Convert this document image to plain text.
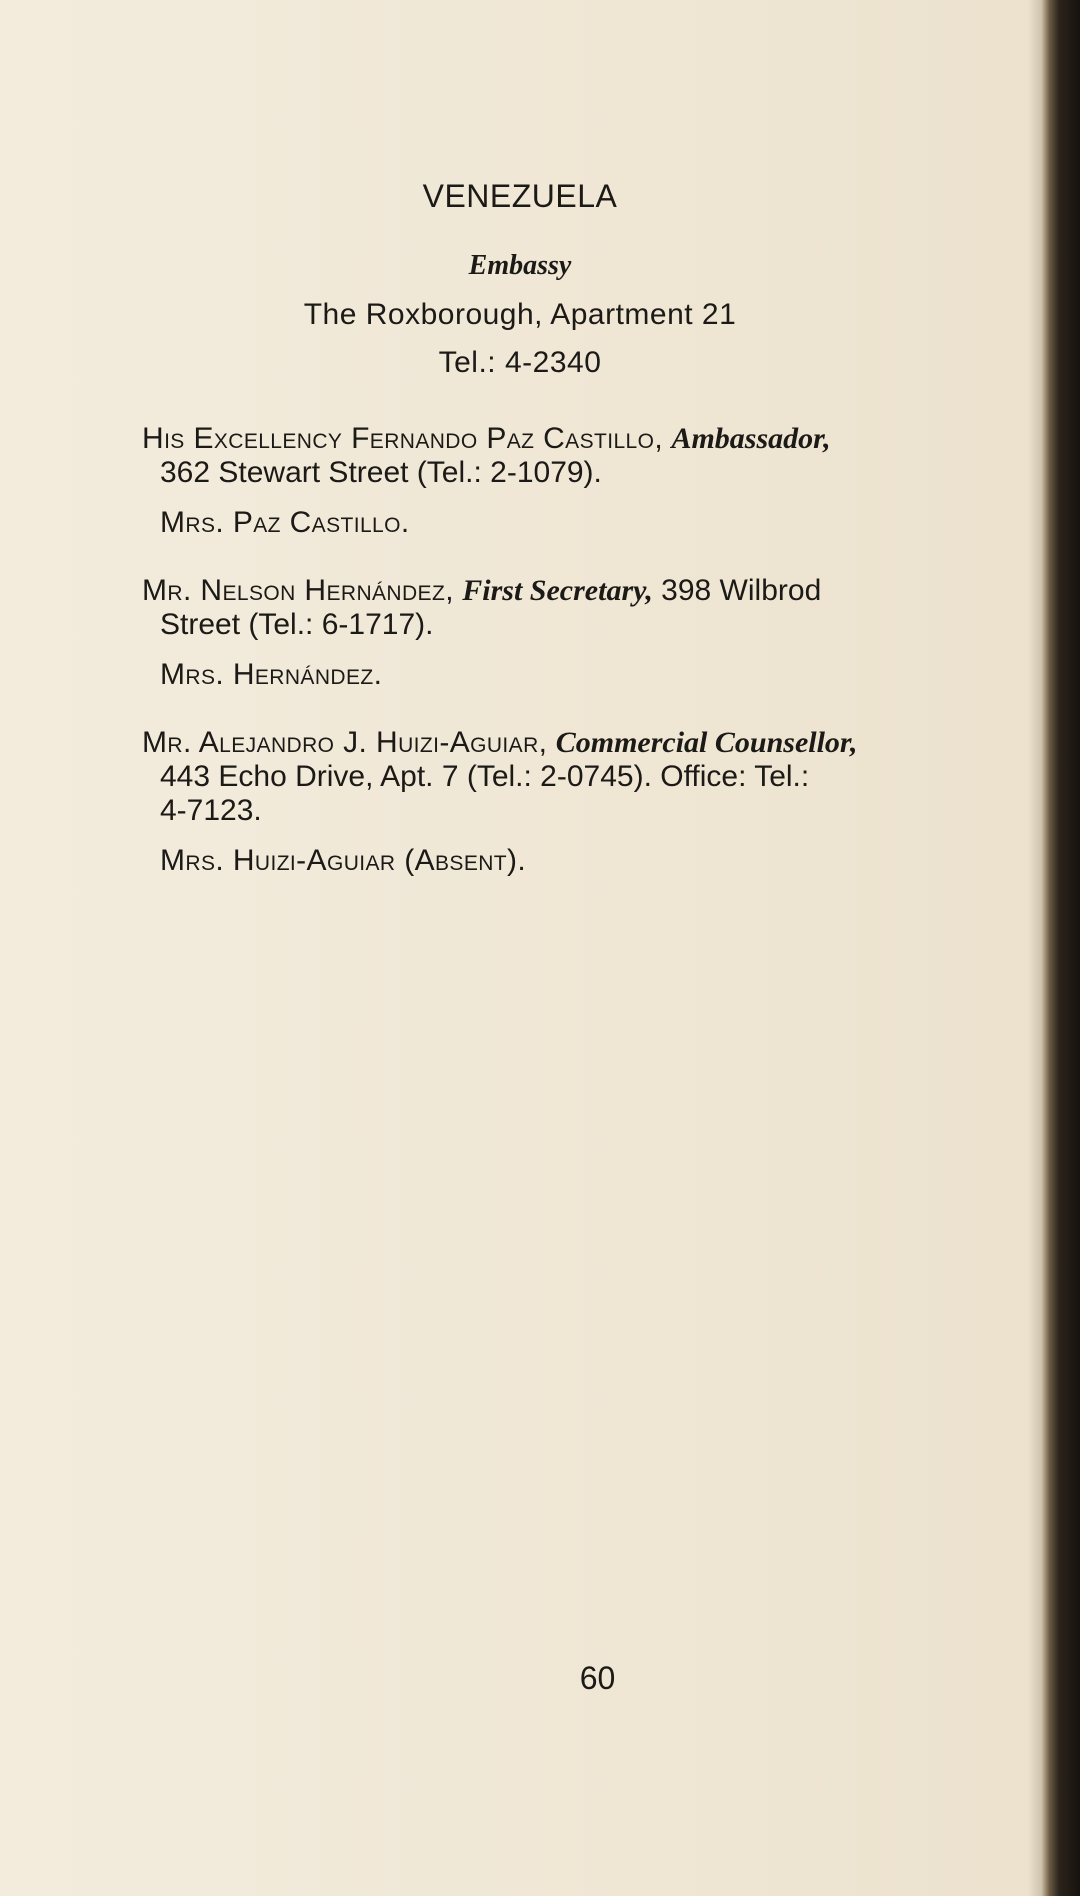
VENEZUELA
Embassy
The Roxborough, Apartment 21
Tel.: 4-2340
His Excellency Fernando Paz Castillo, Ambassador,
362 Stewart Street (Tel.: 2-1079).
Mrs. Paz Castillo.
Mr. Nelson Hernández, First Secretary, 398 Wilbrod
Street (Tel.: 6-1717).
Mrs. Hernández.
Mr. Alejandro J. Huizi-Aguiar, Commercial Counsellor,
443 Echo Drive, Apt. 7 (Tel.: 2-0745). Office: Tel.:
4-7123.
Mrs. Huizi-Aguiar (Absent).
60
